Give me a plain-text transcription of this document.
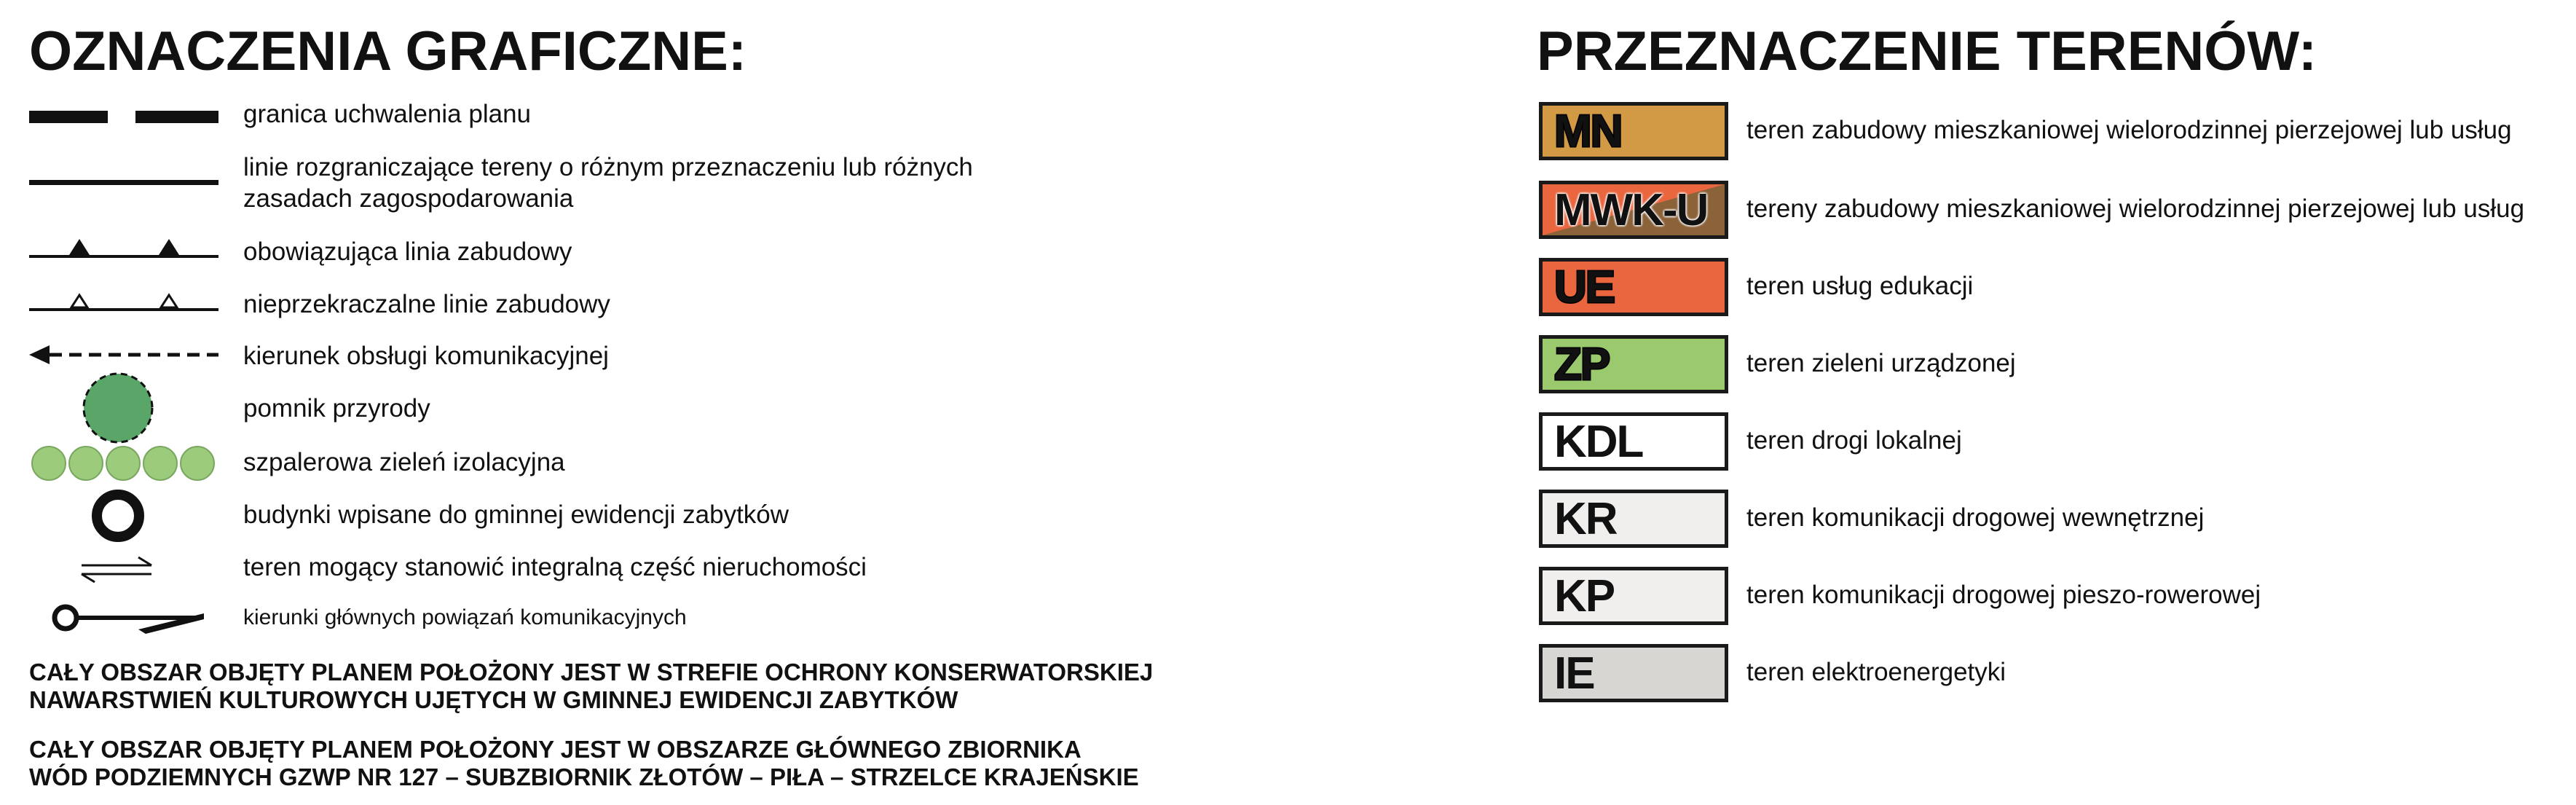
OZNACZENIA GRAFICZNE:
granica uchwalenia planu
linie rozgraniczające tereny o różnym przeznaczeniu lub różnych
zasadach zagospodarowania
obowiązująca linia zabudowy
nieprzekraczalne linie zabudowy
kierunek obsługi komunikacyjnej
pomnik przyrody
szpalerowa zieleń izolacyjna
budynki wpisane do gminnej ewidencji zabytków
teren mogący stanowić integralną część nieruchomości
kierunki głównych powiązań komunikacyjnych
CAŁY OBSZAR OBJĘTY PLANEM POŁOŻONY JEST W STREFIE OCHRONY KONSERWATORSKIEJ
NAWARSTWIEŃ KULTUROWYCH UJĘTYCH W GMINNEJ EWIDENCJI ZABYTKÓW
CAŁY OBSZAR OBJĘTY PLANEM POŁOŻONY JEST W OBSZARZE GŁÓWNEGO ZBIORNIKA
WÓD PODZIEMNYCH GZWP NR 127 – SUBZBIORNIK ZŁOTÓW – PIŁA – STRZELCE KRAJEŃSKIE
PRZEZNACZENIE TERENÓW:
MN	teren zabudowy mieszkaniowej wielorodzinnej pierzejowej lub usług
MWK-U tereny zabudowy mieszkaniowej wielorodzinnej pierzejowej lub usług
UE	teren usług edukacji
ZP	teren zieleni urządzonej
KDL	teren drogi lokalnej
KR	teren komunikacji drogowej wewnętrznej
KP	teren komunikacji drogowej pieszo-rowerowej
IE	teren elektroenergetyki
